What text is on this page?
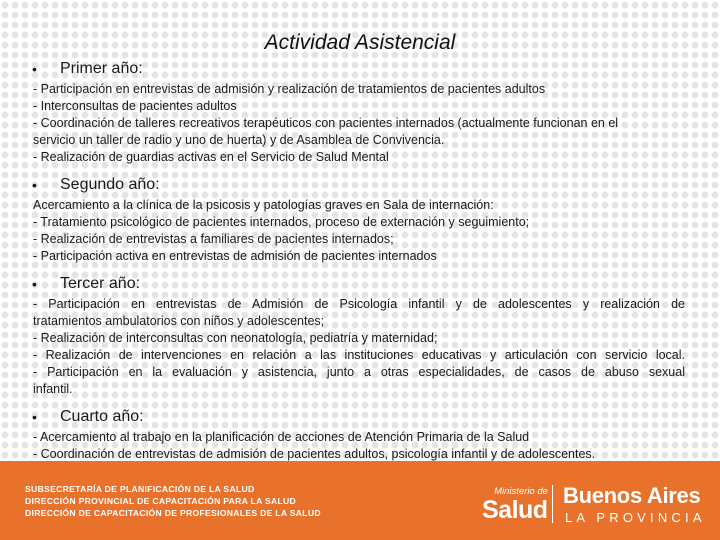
Actividad Asistencial
•	Primer año:
- Participación en entrevistas de admisión y realización de tratamientos de pacientes adultos
- Interconsultas de pacientes adultos
- Coordinación de talleres recreativos terapéuticos con pacientes internados (actualmente funcionan en el
servicio un taller de radio y uno de huerta) y de Asamblea de Convivencia.
- Realización de guardias activas en el Servicio de Salud Mental
•	Segundo año:
Acercamiento a la clínica de la psicosis y patologías graves en Sala de internación:
- Tratamiento psicológico de pacientes internados, proceso de externación y seguimiento;
- Realización de entrevistas a familiares de pacientes internados;
- Participación activa en entrevistas de admisión de pacientes internados
•	Tercer año:
- Participación en entrevistas de Admisión de Psicología infantil y de adolescentes y realización de
tratamientos ambulatorios con niños y adolescentes;
- Realización de interconsultas con neonatología, pediatría y maternidad;
- Realización de intervenciones en relación a las instituciones educativas y articulación con servicio local.
- Participación en la evaluación y asistencia, junto a otras especialidades, de casos de abuso sexual
infantil.
•	Cuarto año:
- Acercamiento al trabajo en la planificación de acciones de Atención Primaria de la Salud
- Coordinación de entrevistas de admisión de pacientes adultos, psicología infantil y de adolescentes.
SUBSECRETARÍA DE PLANIFICACIÓN DE LA SALUD
DIRECCIÓN PROVINCIAL DE CAPACITACIÓN PARA LA SALUD
DIRECCIÓN DE CAPACITACIÓN DE PROFESIONALES DE LA SALUD
Ministerio de
Salud
Buenos Aires
LA PROVINCIA
